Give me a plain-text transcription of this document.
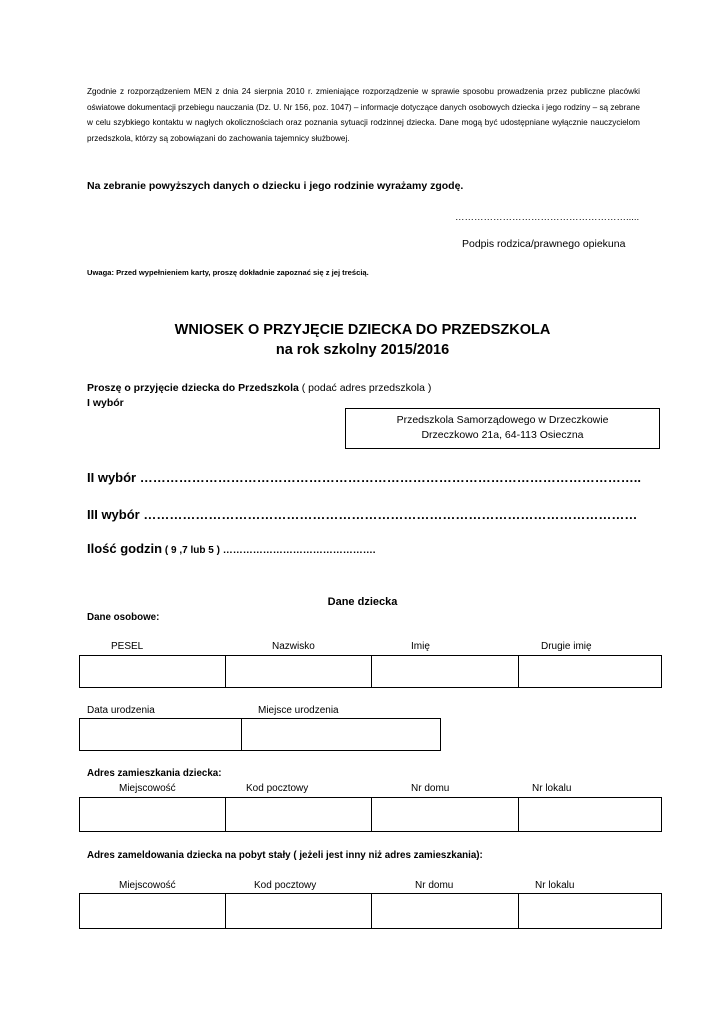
Zgodnie z rozporządzeniem MEN z dnia 24 sierpnia 2010 r. zmieniające rozporządzenie w sprawie sposobu prowadzenia przez publiczne placówki oświatowe dokumentacji przebiegu nauczania (Dz. U. Nr 156, poz. 1047) – informacje dotyczące danych osobowych dziecka i jego rodziny – są zebrane w celu szybkiego kontaktu w nagłych okolicznościach oraz poznania sytuacji rodzinnej dziecka. Dane mogą być udostępniane wyłącznie nauczycielom przedszkola, którzy są zobowiązani do zachowania tajemnicy służbowej.
Na zebranie powyższych danych o dziecku i jego rodzinie wyrażamy zgodę.
……………………………………………….....
Podpis rodzica/prawnego opiekuna
Uwaga: Przed wypełnieniem karty, proszę dokładnie zapoznać się z jej treścią.
WNIOSEK O PRZYJĘCIE DZIECKA DO PRZEDSZKOLA
na rok szkolny 2015/2016
Proszę o przyjęcie dziecka do Przedszkola ( podać adres przedszkola )
I wybór
Przedszkola Samorządowego w Drzeczkowie
Drzeczkowo 21a, 64-113 Osieczna
II wybór ……………………………………………………………………………………………………..
III wybór ……………………………………………………………………………………………………
Ilość godzin ( 9 ,7 lub 5 ) ……………………………………….
Dane dziecka
Dane osobowe:
PESEL	Nazwisko	Imię	Drugie imię

Data urodzenia	Miejsce urodzenia

Adres zamieszkania dziecka:
Miejscowość	Kod pocztowy	Nr domu	Nr lokalu

Adres zameldowania dziecka na pobyt stały ( jeżeli jest inny niż adres zamieszkania):
Miejscowość	Kod pocztowy	Nr domu	Nr lokalu
